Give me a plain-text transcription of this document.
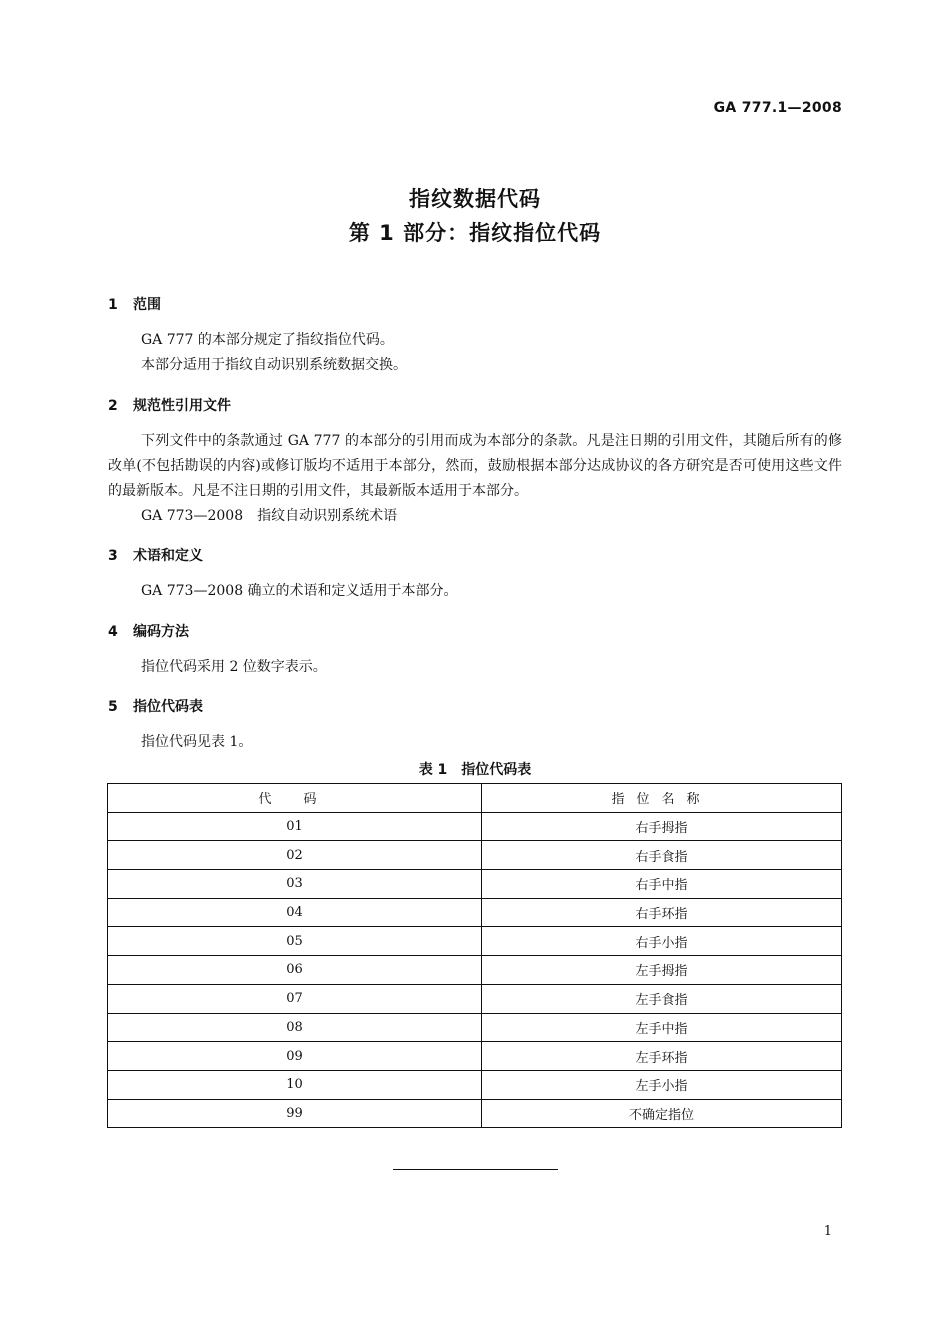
GA 777.1—2008
指纹数据代码
第 1 部分：指纹指位代码
1 范围
GA 777 的本部分规定了指纹指位代码。
本部分适用于指纹自动识别系统数据交换。
2 规范性引用文件
下列文件中的条款通过 GA 777 的本部分的引用而成为本部分的条款。凡是注日期的引用文件，其随后所有的修改单(不包括勘误的内容)或修订版均不适用于本部分，然而，鼓励根据本部分达成协议的各方研究是否可使用这些文件的最新版本。凡是不注日期的引用文件，其最新版本适用于本部分。
GA 773—2008　指纹自动识别系统术语
3 术语和定义
GA 773—2008 确立的术语和定义适用于本部分。
4 编码方法
指位代码采用 2 位数字表示。
5 指位代码表
指位代码见表 1。
表 1　指位代码表
代 码	指位名称
01	右手拇指
02	右手食指
03	右手中指
04	右手环指
05	右手小指
06	左手拇指
07	左手食指
08	左手中指
09	左手环指
10	左手小指
99	不确定指位
1
